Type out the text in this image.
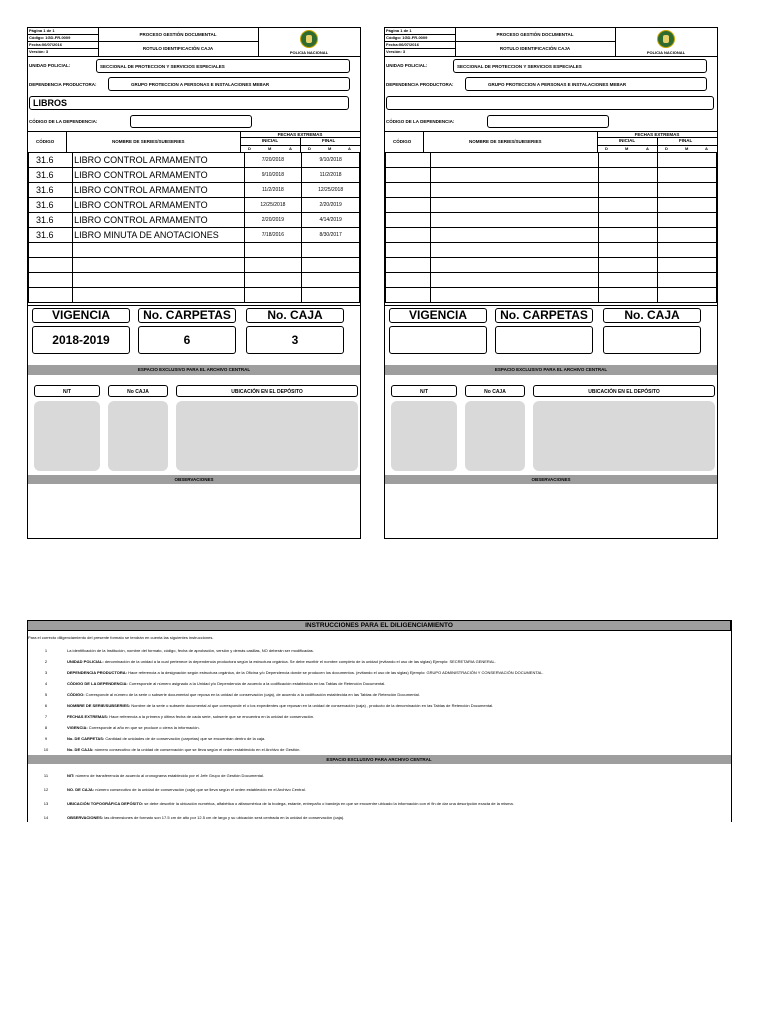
Página 1 de 1
Código: 1GD-FR-0009
Fecha:06/07/2016
Versión: 3
PROCESO GESTIÓN DOCUMENTAL
ROTULO IDENTIFICACIÓN CAJA
POLICIA NACIONAL
UNIDAD POLICIAL:	SECCIONAL DE PROTECCION Y SERVICIOS ESPECIALES
DEPENDENCIA PRODUCTORA:	GRUPO PROTECCION A PERSONAS E INSTALACIONES MEBAR
LIBROS
CÓDIGO DE LA DEPENDENCIA:
CÓDIGO	NOMBRE DE SERIES/SUBSERIES
FECHAS EXTREMAS
INICIAL	FINAL
D	M	A	D	M	A
31.6	LIBRO CONTROL ARMAMENTO	7/20/2018	9/10/2018
31.6	LIBRO CONTROL ARMAMENTO	9/10/2018	11/2/2018
31.6	LIBRO CONTROL ARMAMENTO	11/2/2018	12/25/2018
31.6	LIBRO CONTROL ARMAMENTO	12/25/2018	2/20/2019
31.6	LIBRO CONTROL ARMAMENTO	2/20/2019	4/14/2019
31.6	LIBRO MINUTA DE ANOTACIONES	7/18/2016	8/30/2017

VIGENCIA	No. CARPETAS	No. CAJA
2018-2019	6	3
ESPACIO EXCLUSIVO PARA EL ARCHIVO CENTRAL
N/T	No CAJA	UBICACIÓN EN EL DEPÓSITO
OBSERVACIONES
Página 1 de 1
Código: 1GD-FR-0009
Fecha:06/07/2016
Versión: 3
PROCESO GESTIÓN DOCUMENTAL
ROTULO IDENTIFICACIÓN CAJA
POLICIA NACIONAL
UNIDAD POLICIAL:	SECCIONAL DE PROTECCION Y SERVICIOS ESPECIALES
DEPENDENCIA PRODUCTORA:	GRUPO PROTECCION A PERSONAS E INSTALACIONES MEBAR
CÓDIGO DE LA DEPENDENCIA:
CÓDIGO	NOMBRE DE SERIES/SUBSERIES
FECHAS EXTREMAS
INICIAL	FINAL
D	M	A	D	M	A

VIGENCIA	No. CARPETAS	No. CAJA
ESPACIO EXCLUSIVO PARA EL ARCHIVO CENTRAL
N/T	No CAJA	UBICACIÓN EN EL DEPÓSITO
OBSERVACIONES
INSTRUCCIONES PARA EL DILIGENCIAMIENTO
Para el correcto diligenciamiento del presente formato se tendrán en cuenta las siguientes instrucciones.
1	La identificación de la Institución, nombre del formato, código, fecha de aprobación, versión y demás casillas, NO deberán ser modificadas.
2	UNIDAD POLICIAL: denominación de la unidad a la cual pertenece la dependencia productora según la estructura orgánica. Se debe escribir el nombre completo de la unidad (evitando el uso de las siglas) Ejemplo: SECRETARIA GENERAL.
3	DEPENDENCIA PRODUCTORA: Hace referencia a la designación según estructura orgánica, de la Oficina y/o Dependencia donde se producen los documentos. (evitando el uso de las siglas) Ejemplo: GRUPO ADMINISTRACIÓN Y CONSERVACIÓN DOCUMENTAL.
4	CÓDIGO DE LA DEPENDENCIA: Corresponde al número asignado a la Unidad y/o Dependencia de acuerdo a la codificación establecida en las Tablas de Retención Documental.
5	CÓDIGO: Corresponde al número de la serie o subserie documental que reposa en la unidad de conservación (caja), de acuerdo a la codificación establecida en las Tablas de Retención Documental.
6	NOMBRE DE SERIE/SUBSERIES: Nombre de la serie o subserie documental al que corresponde el o los expedientes que reposan en la unidad de conservación (caja) , producto de la denominación en las Tablas de Retención Documental.
7	FECHAS EXTREMAS: Hace referencia a la primera y última fecha de cada serie, subserie que se encuentra en la unidad de conservación.
8	VIGENCIA: Corresponde al año en que se produce o cierra la información.
9	No. DE CARPETAS: Cantidad de unidades de de conservación (carpetas) que se encuentran dentro de la caja.
10	No. DE CAJA: número consecutivo de la unidad de conservación que se lleva según el orden establecido en el Archivo de Gestión.
ESPACIO EXCLUSIVO PARA ARCHIVO CENTRAL
11	NIT: número de transferencia de acuerdo al cronograma establecido por el Jefe Grupo de Gestión Documental.
12	NO. DE CAJA: número consecutivo de la unidad de conservación (caja) que se lleva según el orden establecido en el Archivo Central.
13	UBICACIÓN TOPOGRÁFICA DEPÓSITO: se debe describir la ubicación numérica, alfabética o alfanumérica de la bodega, estante, entrepaño o bandeja en que se encuentre ubicado la información con el fin de dar una descripción exacta de la misma.
14	OBSERVACIONES: las dimensiones de formato son 17.5 cm de alto por 12.5 cm de largo y su ubicación será centrada en la unidad de conservación (caja).
